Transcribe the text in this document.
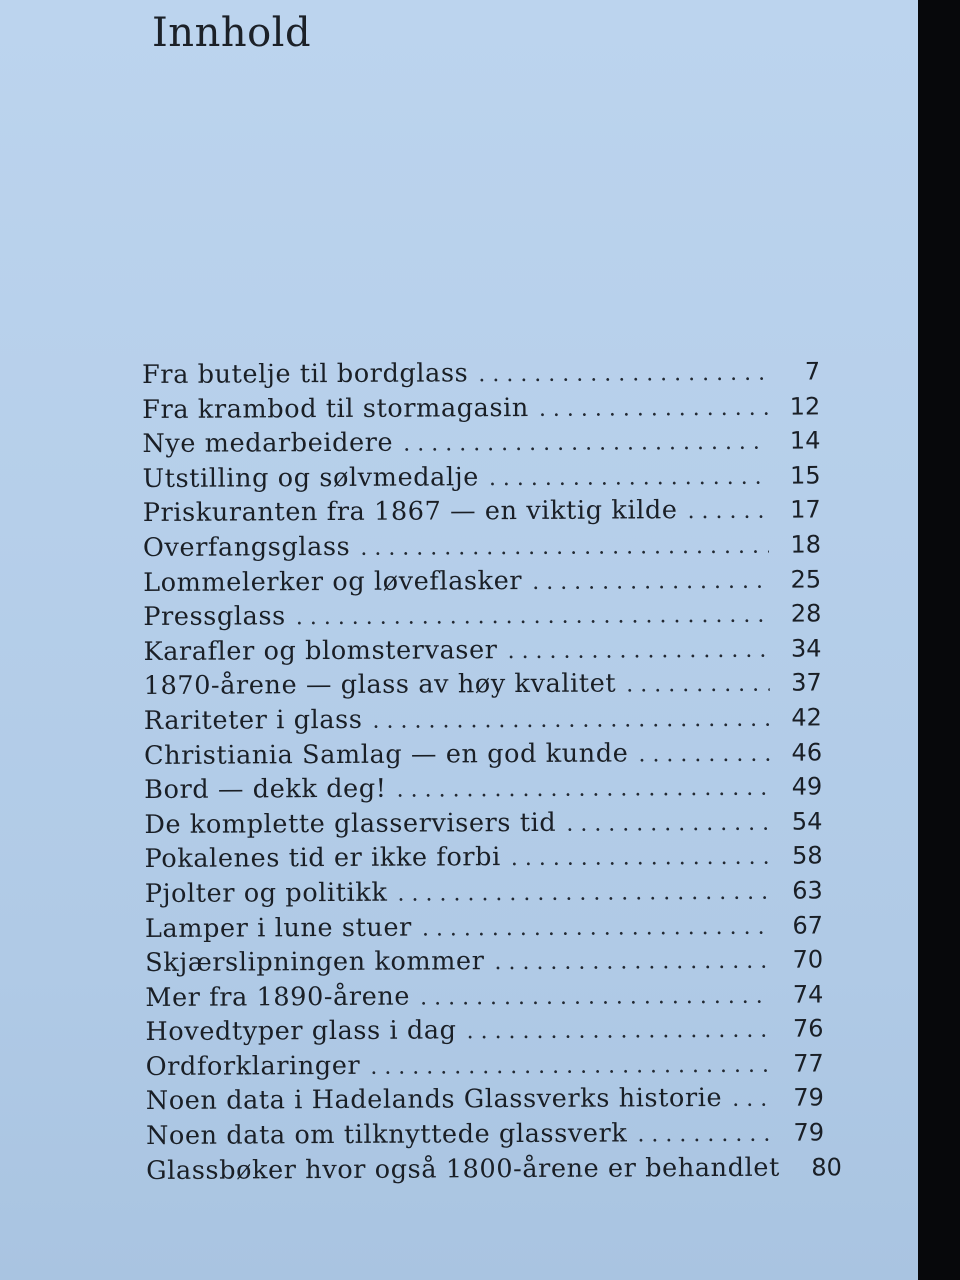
Innhold
Fra butelje til bordglass . . .	7
Fra krambod til stormagasin . . .	12
Nye medarbeidere . . .	14
Utstilling og sølvmedalje . . .	15
Priskuranten fra 1867 — en viktig kilde . . .	17
Overfangsglass . . .	18
Lommelerker og løveflasker . . .	25
Pressglass . . .	28
Karafler og blomstervaser . . .	34
1870-årene — glass av høy kvalitet . . .	37
Rariteter i glass . . .	42
Christiania Samlag — en god kunde . . .	46
Bord — dekk deg! . . .	49
De komplette glasservisers tid . . .	54
Pokalenes tid er ikke forbi . . .	58
Pjolter og politikk . . .	63
Lamper i lune stuer . . .	67
Skjærslipningen kommer . . .	70
Mer fra 1890-årene . . .	74
Hovedtyper glass i dag . . .	76
Ordforklaringer . . .	77
Noen data i Hadelands Glassverks historie . . .	79
Noen data om tilknyttede glassverk . . .	79
Glassbøker hvor også 1800-årene er behandlet . . .	80
